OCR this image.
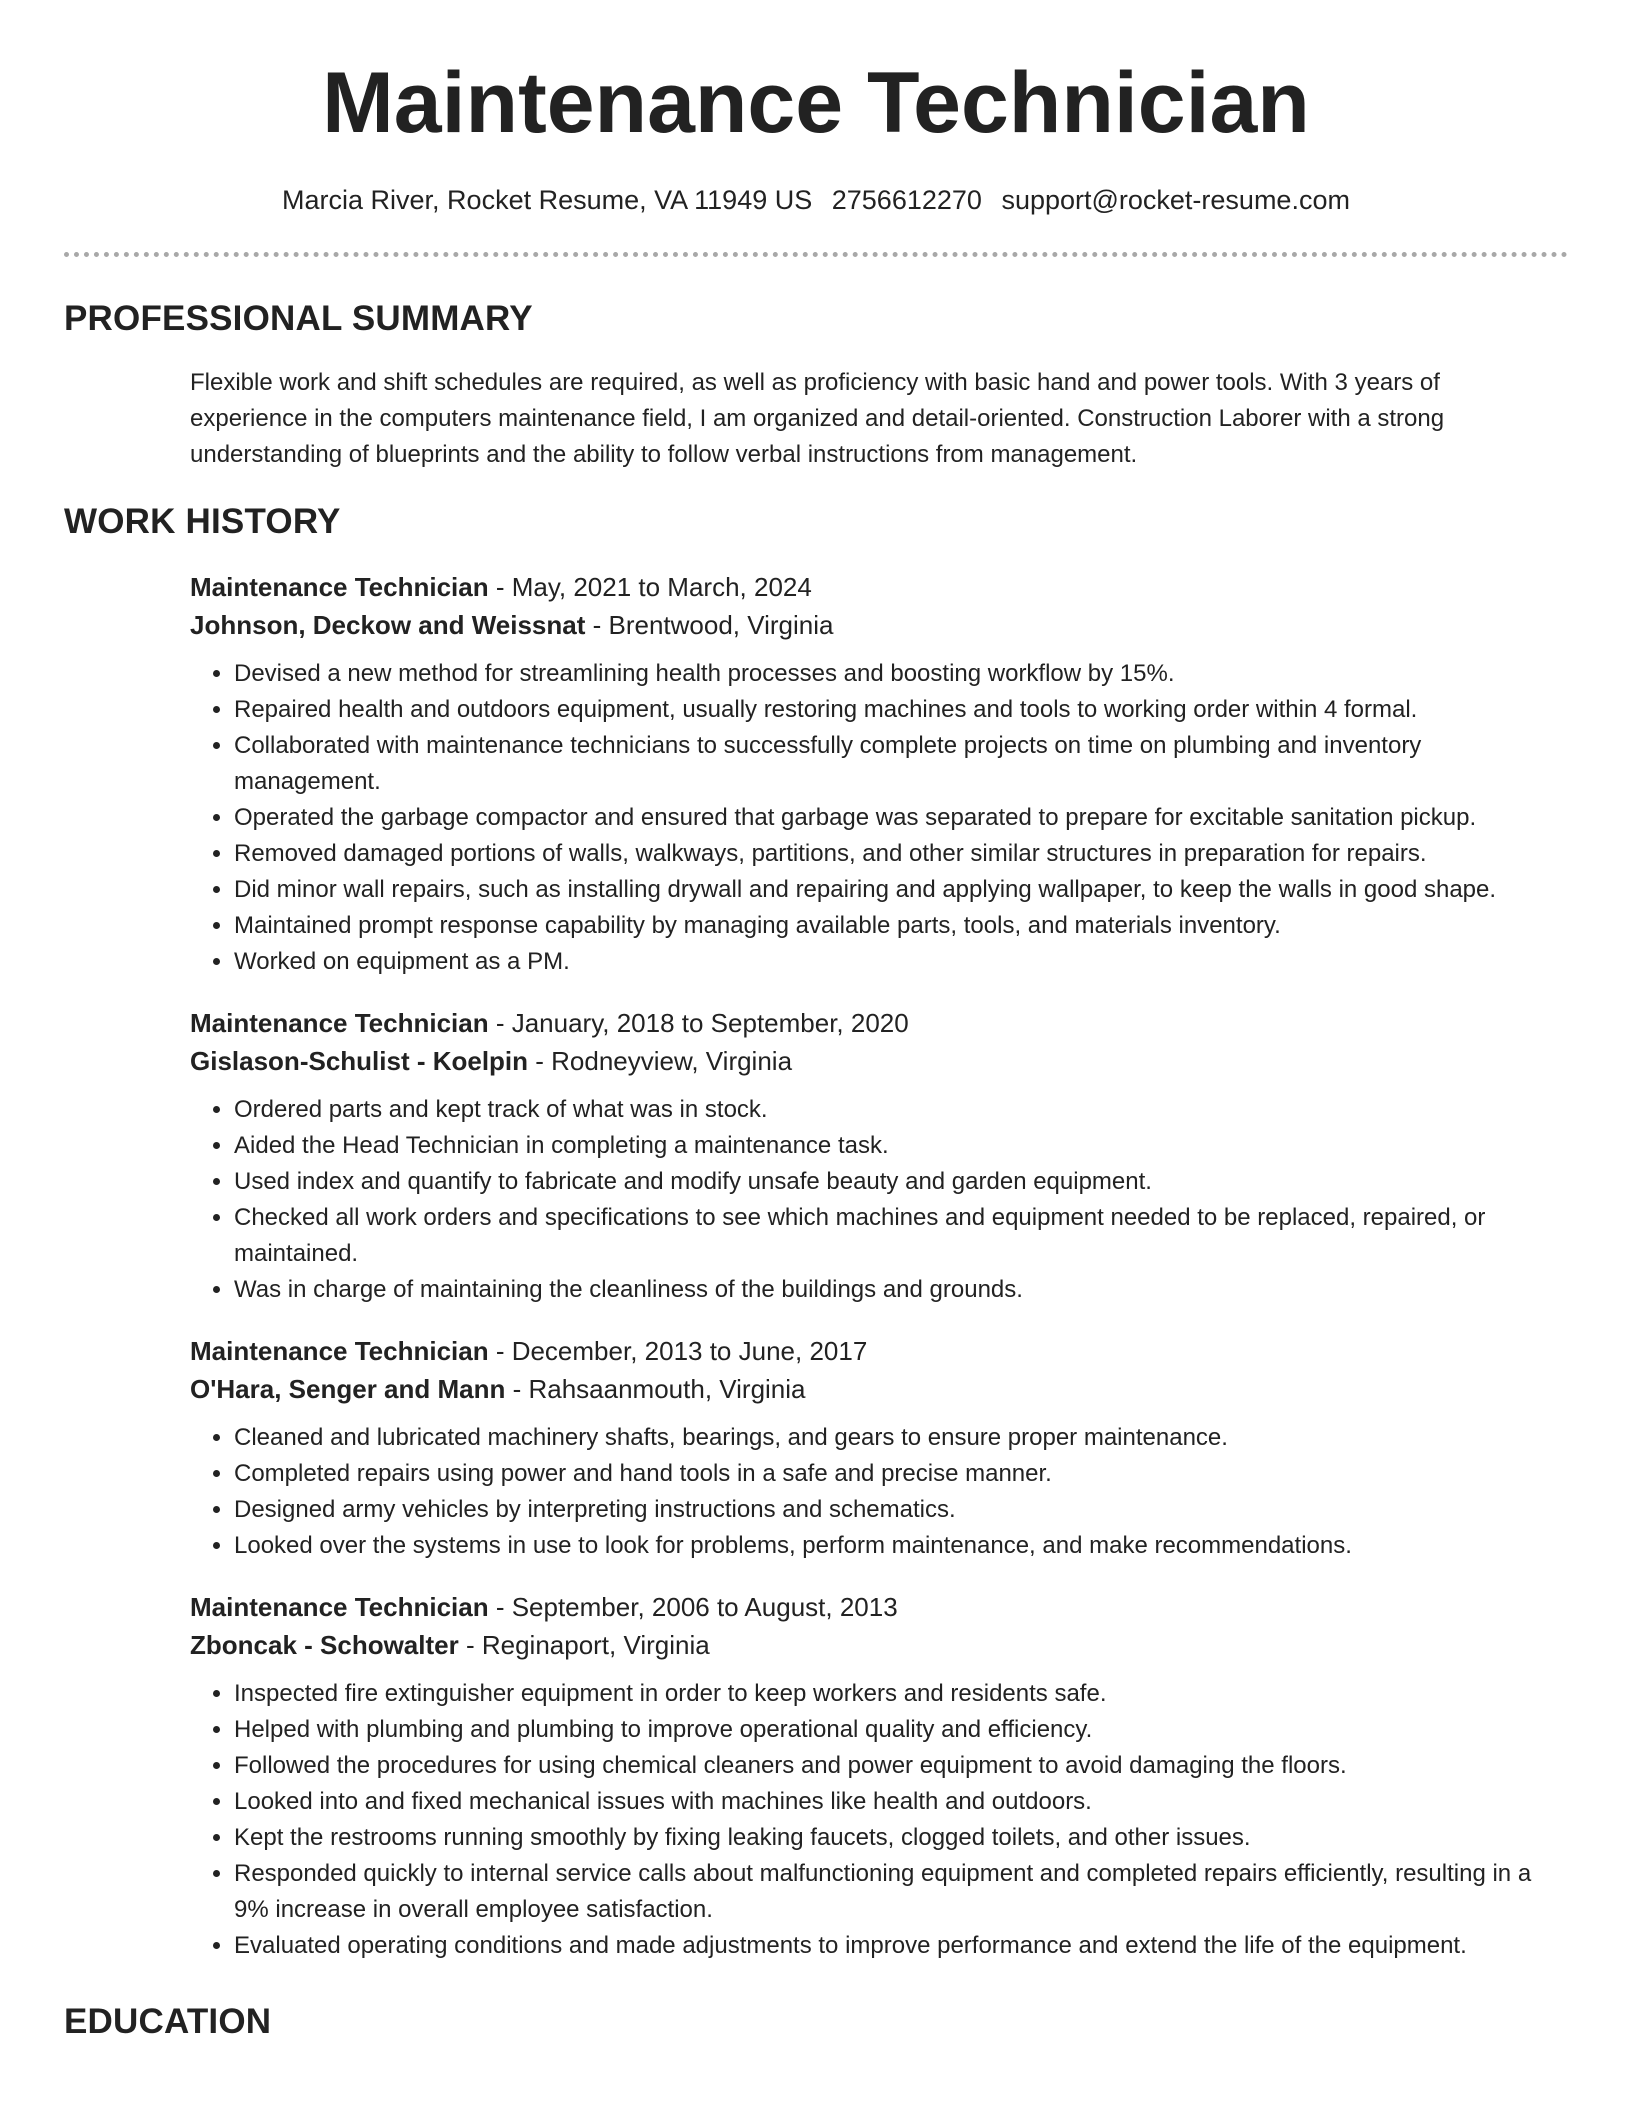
Maintenance Technician
Marcia River, Rocket Resume, VA 11949 US 2756612270 support@rocket-resume.com
PROFESSIONAL SUMMARY
Flexible work and shift schedules are required, as well as proficiency with basic hand and power tools. With 3 years of experience in the computers maintenance field, I am organized and detail-oriented. Construction Laborer with a strong understanding of blueprints and the ability to follow verbal instructions from management.
WORK HISTORY
Maintenance Technician - May, 2021 to March, 2024
Johnson, Deckow and Weissnat - Brentwood, Virginia
• Devised a new method for streamlining health processes and boosting workflow by 15%.
• Repaired health and outdoors equipment, usually restoring machines and tools to working order within 4 formal.
• Collaborated with maintenance technicians to successfully complete projects on time on plumbing and inventory management.
• Operated the garbage compactor and ensured that garbage was separated to prepare for excitable sanitation pickup.
• Removed damaged portions of walls, walkways, partitions, and other similar structures in preparation for repairs.
• Did minor wall repairs, such as installing drywall and repairing and applying wallpaper, to keep the walls in good shape.
• Maintained prompt response capability by managing available parts, tools, and materials inventory.
• Worked on equipment as a PM.
Maintenance Technician - January, 2018 to September, 2020
Gislason-Schulist - Koelpin - Rodneyview, Virginia
• Ordered parts and kept track of what was in stock.
• Aided the Head Technician in completing a maintenance task.
• Used index and quantify to fabricate and modify unsafe beauty and garden equipment.
• Checked all work orders and specifications to see which machines and equipment needed to be replaced, repaired, or maintained.
• Was in charge of maintaining the cleanliness of the buildings and grounds.
Maintenance Technician - December, 2013 to June, 2017
O'Hara, Senger and Mann - Rahsaanmouth, Virginia
• Cleaned and lubricated machinery shafts, bearings, and gears to ensure proper maintenance.
• Completed repairs using power and hand tools in a safe and precise manner.
• Designed army vehicles by interpreting instructions and schematics.
• Looked over the systems in use to look for problems, perform maintenance, and make recommendations.
Maintenance Technician - September, 2006 to August, 2013
Zboncak - Schowalter - Reginaport, Virginia
• Inspected fire extinguisher equipment in order to keep workers and residents safe.
• Helped with plumbing and plumbing to improve operational quality and efficiency.
• Followed the procedures for using chemical cleaners and power equipment to avoid damaging the floors.
• Looked into and fixed mechanical issues with machines like health and outdoors.
• Kept the restrooms running smoothly by fixing leaking faucets, clogged toilets, and other issues.
• Responded quickly to internal service calls about malfunctioning equipment and completed repairs efficiently, resulting in a 9% increase in overall employee satisfaction.
• Evaluated operating conditions and made adjustments to improve performance and extend the life of the equipment.
EDUCATION
